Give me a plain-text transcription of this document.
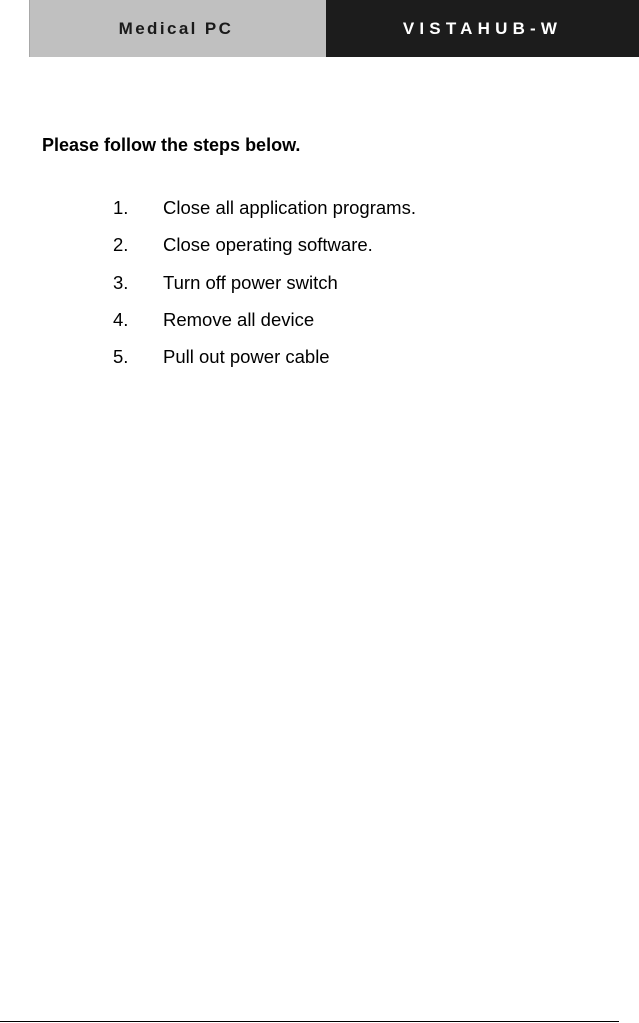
Medical PC	VISTAHUB-W

Please follow the steps below.

1.	Close all application programs.
2.	Close operating software.
3.	Turn off power switch
4.	Remove all device
5.	Pull out power cable
